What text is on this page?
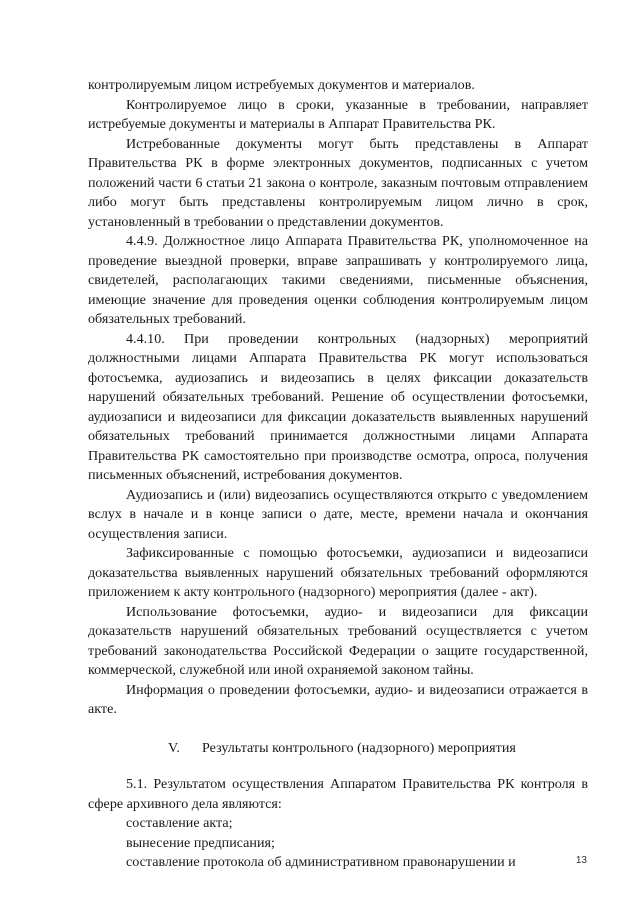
контролируемым лицом истребуемых документов и материалов.

Контролируемое лицо в сроки, указанные в требовании, направляет истребуемые документы и материалы в Аппарат Правительства РК.

Истребованные документы могут быть представлены в Аппарат Правительства РК в форме электронных документов, подписанных с учетом положений части 6 статьи 21 закона о контроле, заказным почтовым отправлением либо могут быть представлены контролируемым лицом лично в срок, установленный в требовании о представлении документов.

4.4.9. Должностное лицо Аппарата Правительства РК, уполномоченное на проведение выездной проверки, вправе запрашивать у контролируемого лица, свидетелей, располагающих такими сведениями, письменные объяснения, имеющие значение для проведения оценки соблюдения контролируемым лицом обязательных требований.

4.4.10. При проведении контрольных (надзорных) мероприятий должностными лицами Аппарата Правительства РК могут использоваться фотосъемка, аудиозапись и видеозапись в целях фиксации доказательств нарушений обязательных требований. Решение об осуществлении фотосъемки, аудиозаписи и видеозаписи для фиксации доказательств выявленных нарушений обязательных требований принимается должностными лицами Аппарата Правительства РК самостоятельно при производстве осмотра, опроса, получения письменных объяснений, истребования документов.

Аудиозапись и (или) видеозапись осуществляются открыто с уведомлением вслух в начале и в конце записи о дате, месте, времени начала и окончания осуществления записи.

Зафиксированные с помощью фотосъемки, аудиозаписи и видеозаписи доказательства выявленных нарушений обязательных требований оформляются приложением к акту контрольного (надзорного) мероприятия (далее - акт).

Использование фотосъемки, аудио- и видеозаписи для фиксации доказательств нарушений обязательных требований осуществляется с учетом требований законодательства Российской Федерации о защите государственной, коммерческой, служебной или иной охраняемой законом тайны.

Информация о проведении фотосъемки, аудио- и видеозаписи отражается в акте.

V. Результаты контрольного (надзорного) мероприятия

5.1. Результатом осуществления Аппаратом Правительства РК контроля в сфере архивного дела являются:

составление акта;

вынесение предписания;

составление протокола об административном правонарушении и	13
